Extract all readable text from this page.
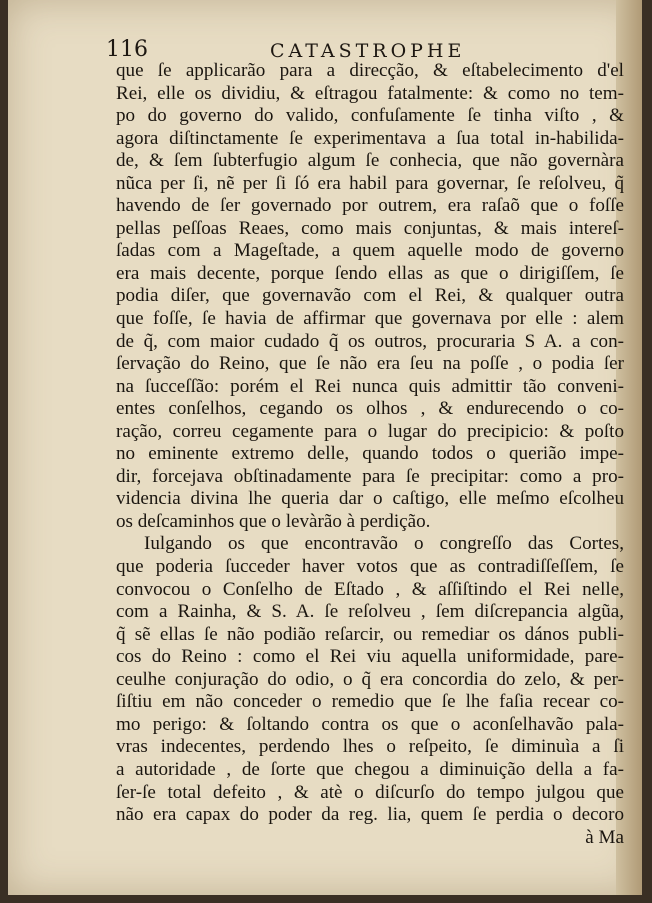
116	CATASTROPHE
que ſe applicarão para a direcção, & eſtabelecimento d'el
Rei, elle os dividiu, & eſtragou fatalmente: & como no tem-
po do governo do valido, confuſamente ſe tinha viſto , &
agora diſtinctamente ſe experimentava a ſua total in-habilida-
de, & ſem ſubterfugio algum ſe conhecia, que não governàra
nũca per ſi, nẽ per ſi ſó era habil para governar, ſe reſolveu, q̃
havendo de ſer governado por outrem, era raſaõ que o foſſe
pellas peſſoas Reaes, como mais conjuntas, & mais intereſ-
ſadas com a Mageſtade, a quem aquelle modo de governo
era mais decente, porque ſendo ellas as que o dirigiſſem, ſe
podia diſer, que governavão com el Rei, & qualquer outra
que foſſe, ſe havia de affirmar que governava por elle : alem
de q̃, com maior cudado q̃ os outros, procuraria S A. a con-
ſervação do Reino, que ſe não era ſeu na poſſe , o podia ſer
na ſucceſſão: porém el Rei nunca quis admittir tão conveni-
entes conſelhos, cegando os olhos , & endurecendo o co-
ração, correu cegamente para o lugar do precipicio: & poſto
no eminente extremo delle, quando todos o querião impe-
dir, forcejava obſtinadamente para ſe precipitar: como a pro-
videncia divina lhe queria dar o caſtigo, elle meſmo eſcolheu
os deſcaminhos que o levàrão à perdição.
Iulgando os que encontravão o congreſſo das Cortes,
que poderia ſucceder haver votos que as contradiſſeſſem, ſe
convocou o Conſelho de Eſtado , & aſſiſtindo el Rei nelle,
com a Rainha, & S. A. ſe reſolveu , ſem diſcrepancia algũa,
q̃ sẽ ellas ſe não podião reſarcir, ou remediar os dános publi-
cos do Reino : como el Rei viu aquella uniformidade, pare-
ceulhe conjuração do odio, o q̃ era concordia do zelo, & per-
ſiſtiu em não conceder o remedio que ſe lhe faſia recear co-
mo perigo: & ſoltando contra os que o aconſelhavão pala-
vras indecentes, perdendo lhes o reſpeito, ſe diminuìa a ſi
a autoridade , de ſorte que chegou a diminuição della a fa-
ſer-ſe total defeito , & atè o diſcurſo do tempo julgou que
não era capax do poder da reg. lia, quem ſe perdia o decoro
à Ma
